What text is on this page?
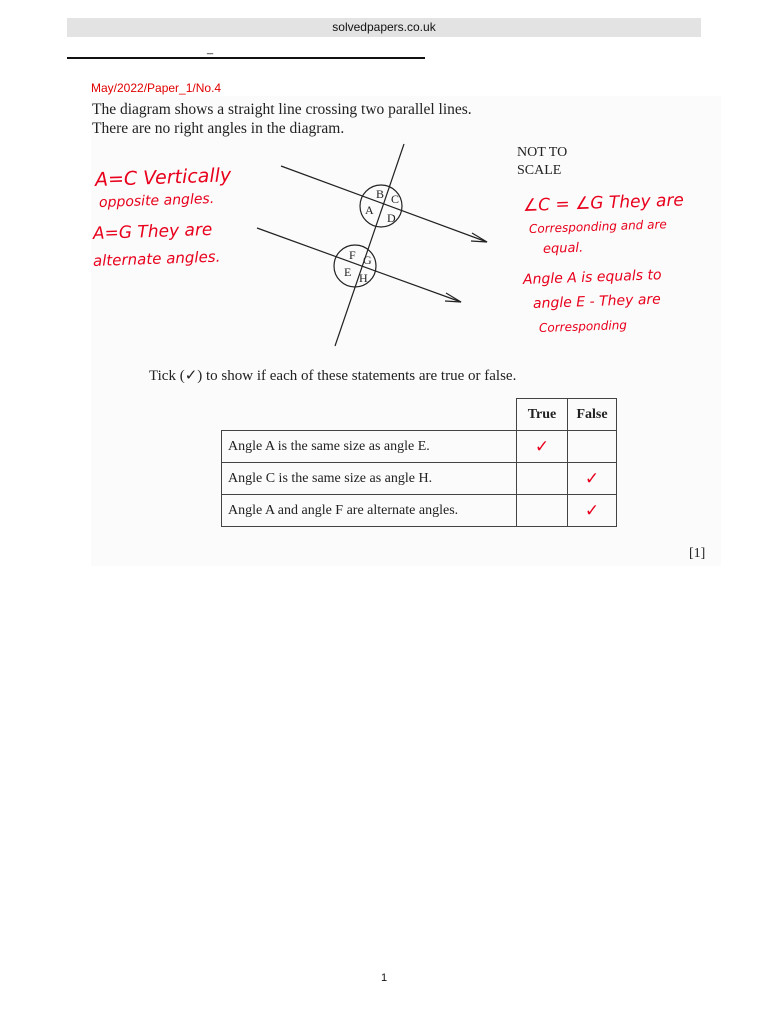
solvedpapers.co.uk
_
May/2022/Paper_1/No.4
The diagram shows a straight line crossing two parallel lines.
There are no right angles in the diagram.
B C
A
D
F G
E H
NOT TO
SCALE
A=C Vertically
opposite angles.
A=G They are
alternate angles.
∠C = ∠G They are
Corresponding and are
equal.
Angle A is equals to
angle E - They are
Corresponding
Tick (✓) to show if each of these statements are true or false.
	True	False
Angle A is the same size as angle E.	✓	
Angle C is the same size as angle H.		✓
Angle A and angle F are alternate angles.		✓
[1]
1
